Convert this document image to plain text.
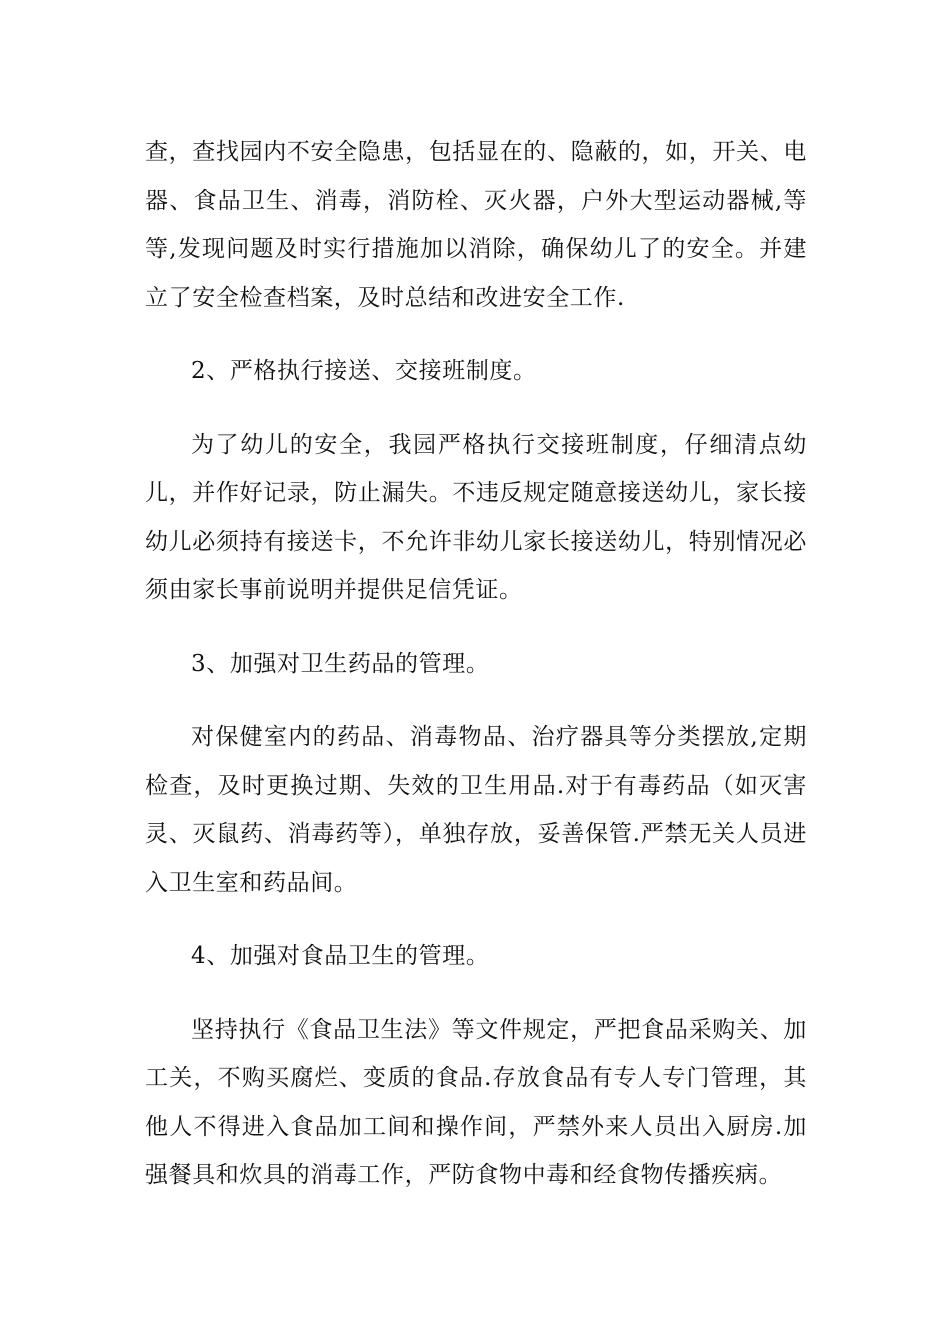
查，查找园内不安全隐患，包括显在的、隐蔽的，如，开关、电器、食品卫生、消毒，消防栓、灭火器，户外大型运动器械,等等,发现问题及时实行措施加以消除，确保幼儿了的安全。并建立了安全检查档案，及时总结和改进安全工作.

2、严格执行接送、交接班制度。

为了幼儿的安全，我园严格执行交接班制度，仔细清点幼儿，并作好记录，防止漏失。不违反规定随意接送幼儿，家长接幼儿必须持有接送卡，不允许非幼儿家长接送幼儿，特别情况必须由家长事前说明并提供足信凭证。

3、加强对卫生药品的管理。

对保健室内的药品、消毒物品、治疗器具等分类摆放,定期检查，及时更换过期、失效的卫生用品.对于有毒药品（如灭害灵、灭鼠药、消毒药等），单独存放，妥善保管.严禁无关人员进入卫生室和药品间。

4、加强对食品卫生的管理。

坚持执行《食品卫生法》等文件规定，严把食品采购关、加工关，不购买腐烂、变质的食品.存放食品有专人专门管理，其他人不得进入食品加工间和操作间，严禁外来人员出入厨房.加强餐具和炊具的消毒工作，严防食物中毒和经食物传播疾病。
